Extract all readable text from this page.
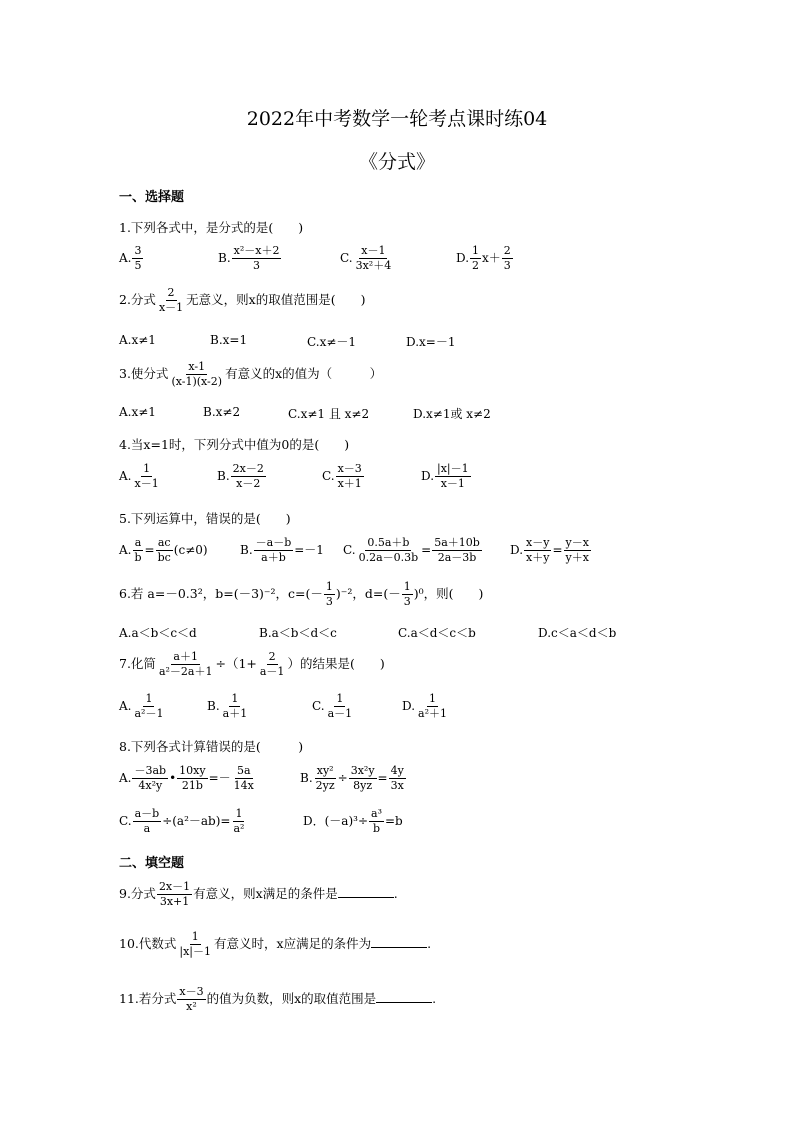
2022年中考数学一轮考点课时练04
《分式》
一、选择题
1.下列各式中，是分式的是(　　)
A. $\frac{3}{5}$	B. $\frac{\text{x²－x＋2}}{3}$	C. $\frac{x-1}{\text{3x²＋4}}$	D. $\frac{1}{2} x+ \frac{2}{3}$
2.分式 $\frac{2}{x-1}$ 无意义，则x的取值范围是(　　)
A.x≠1	B.x=1	C.x≠－1	D.x=－1
3.使分式 $\frac{x-1}{(x-1)(x-2)}$ 有意义的x的值为（　　　）
A.x≠1	B.x≠2	C.x≠1 且 x≠2	D.x≠1或 x≠2
4.当x=1时，下列分式中值为0的是(　　)
A. $\frac{1}{x-1}$	B. $\frac{2x-2}{x-2}$	C. $\frac{x-3}{x+1}$	D. $\frac{|x|-1}{x-1}$
5.下列运算中，错误的是(　　)
A. $\frac{a}{b} = \frac{ac}{bc} (c\ne 0)$	B. $\frac{-a-b}{a+b} =-1$ C. $\frac{0.5a+b}{0.2a-0.3b} = \frac{5a+10b}{2a-3b} D$. $\frac{x-y}{x+y} = \frac{y-x}{y+x}$
6.若 a=－0.3²，b=(－3)⁻²，$c=(- \frac{1}{3} )^{-2}$，$d=(- \frac{1}{3} )^0$，则(　　)
A.a＜b＜c＜d	B.a＜b＜d＜c	C.a＜d＜c＜b	D.c＜a＜d＜b
7.化简 $\frac{a+1}{\text{a²－2a＋1}} \div(1+ \frac{2}{a-1}$ ）的结果是(　　)
A. $\frac{1}{\text{a²－1}}$	B. $\frac{1}{a+1}$	C. $\frac{1}{a-1}$	D. $\frac{1}{\text{a²＋1}}$
8.下列各式计算错误的是(　　　)
A. $\frac{-3ab}{\text{4x²y}}$ • $\frac{10xy}{21b} =- \frac{5a}{14x}$	B. $\frac{\text{xy²}}{2yz} \div \frac{\text{3x²y}}{8yz} = \frac{4y}{3x}$
C. $\frac{a-b}{a} \div(a^2-ab)= \frac{1}{\text{a²}}$	D．$(-a)^3\div \frac{\text{a³}}{b} =b$
二、填空题
9.分式 $\frac{2x-1}{3x+1}$ 有意义，则x满足的条件是	.
10.代数式 $\frac{1}{|x|-1}$ 有意义时，x应满足的条件为	.
11.若分式 $\frac{x-3}{\text{x²}}$ 的值为负数，则x的取值范围是	.
